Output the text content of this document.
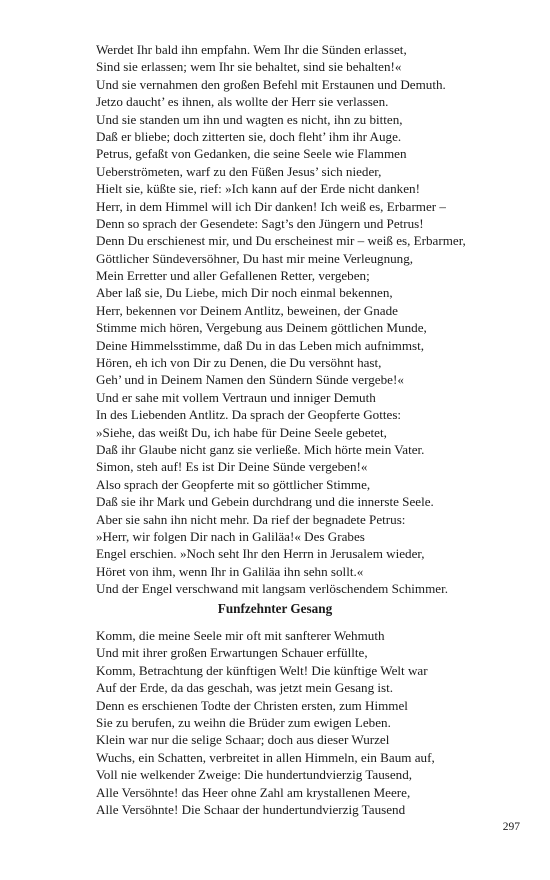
Werdet Ihr bald ihn empfahn. Wem Ihr die Sünden erlasset,
Sind sie erlassen; wem Ihr sie behaltet, sind sie behalten!«
Und sie vernahmen den großen Befehl mit Erstaunen und Demuth.
Jetzo daucht’ es ihnen, als wollte der Herr sie verlassen.
Und sie standen um ihn und wagten es nicht, ihn zu bitten,
Daß er bliebe; doch zitterten sie, doch fleht’ ihm ihr Auge.
Petrus, gefaßt von Gedanken, die seine Seele wie Flammen
Ueberströmeten, warf zu den Füßen Jesus’ sich nieder,
Hielt sie, küßte sie, rief: »Ich kann auf der Erde nicht danken!
Herr, in dem Himmel will ich Dir danken! Ich weiß es, Erbarmer –
Denn so sprach der Gesendete: Sagt’s den Jüngern und Petrus!
Denn Du erschienest mir, und Du erscheinest mir – weiß es, Erbarmer,
Göttlicher Sündeversöhner, Du hast mir meine Verleugnung,
Mein Erretter und aller Gefallenen Retter, vergeben;
Aber laß sie, Du Liebe, mich Dir noch einmal bekennen,
Herr, bekennen vor Deinem Antlitz, beweinen, der Gnade
Stimme mich hören, Vergebung aus Deinem göttlichen Munde,
Deine Himmelsstimme, daß Du in das Leben mich aufnimmst,
Hören, eh ich von Dir zu Denen, die Du versöhnt hast,
Geh’ und in Deinem Namen den Sündern Sünde vergebe!«
Und er sahe mit vollem Vertraun und inniger Demuth
In des Liebenden Antlitz. Da sprach der Geopferte Gottes:
»Siehe, das weißt Du, ich habe für Deine Seele gebetet,
Daß ihr Glaube nicht ganz sie verließe. Mich hörte mein Vater.
Simon, steh auf! Es ist Dir Deine Sünde vergeben!«
Also sprach der Geopferte mit so göttlicher Stimme,
Daß sie ihr Mark und Gebein durchdrang und die innerste Seele.
Aber sie sahn ihn nicht mehr. Da rief der begnadete Petrus:
»Herr, wir folgen Dir nach in Galiläa!« Des Grabes
Engel erschien. »Noch seht Ihr den Herrn in Jerusalem wieder,
Höret von ihm, wenn Ihr in Galiläa ihn sehn sollt.«
Und der Engel verschwand mit langsam verlöschendem Schimmer.
Funfzehnter Gesang
Komm, die meine Seele mir oft mit sanfterer Wehmuth
Und mit ihrer großen Erwartungen Schauer erfüllte,
Komm, Betrachtung der künftigen Welt! Die künftige Welt war
Auf der Erde, da das geschah, was jetzt mein Gesang ist.
Denn es erschienen Todte der Christen ersten, zum Himmel
Sie zu berufen, zu weihn die Brüder zum ewigen Leben.
Klein war nur die selige Schaar; doch aus dieser Wurzel
Wuchs, ein Schatten, verbreitet in allen Himmeln, ein Baum auf,
Voll nie welkender Zweige: Die hundertundvierzig Tausend,
Alle Versöhnte! das Heer ohne Zahl am krystallenen Meere,
Alle Versöhnte! Die Schaar der hundertundvierzig Tausend
297
